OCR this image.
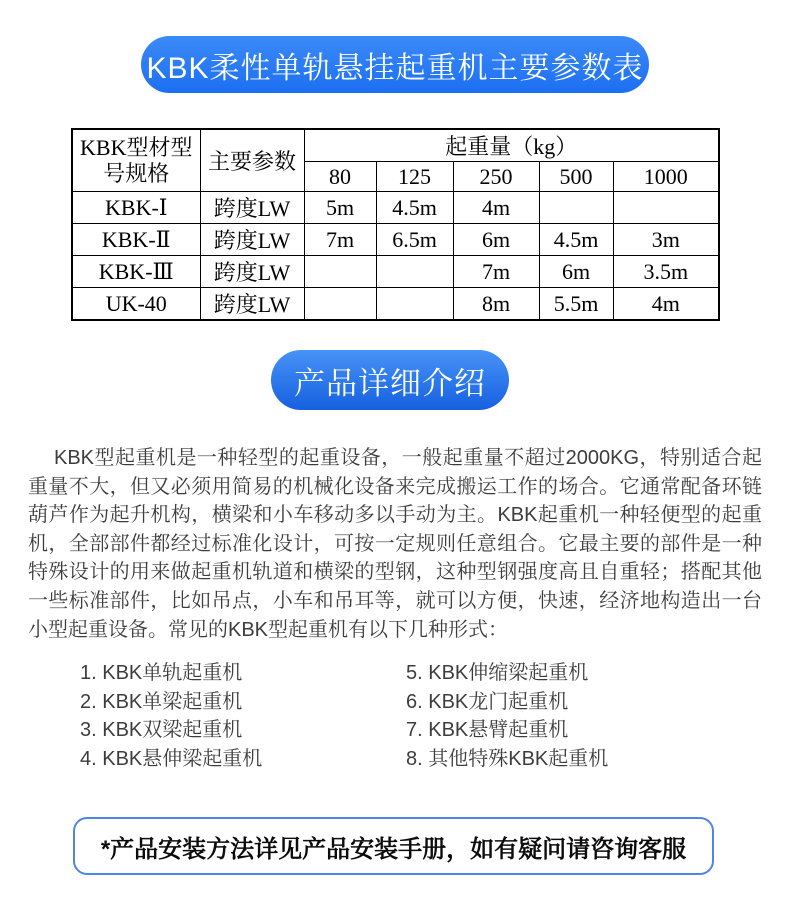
KBK柔性单轨悬挂起重机主要参数表
KBK型材型
号规格	主要参数	起重量（kg）				
		80	125	250	500	1000
KBK-Ⅰ	跨度LW	5m	4.5m	4m		
KBK-Ⅱ	跨度LW	7m	6.5m	6m	4.5m	3m
KBK-Ⅲ	跨度LW			7m	6m	3.5m
UK-40	跨度LW			8m	5.5m	4m
产品详细介绍

KBK型起重机是一种轻型的起重设备，一般起重量不超过2000KG，特别适合起重量不大，但又必须用简易的机械化设备来完成搬运工作的场合。它通常配备环链葫芦作为起升机构，横梁和小车移动多以手动为主。KBK起重机一种轻便型的起重机，全部部件都经过标准化设计，可按一定规则任意组合。它最主要的部件是一种特殊设计的用来做起重机轨道和横梁的型钢，这种型钢强度高且自重轻；搭配其他一些标准部件，比如吊点，小车和吊耳等，就可以方便，快速，经济地构造出一台小型起重设备。常见的KBK型起重机有以下几种形式：

1. KBK单轨起重机
2. KBK单梁起重机
3. KBK双梁起重机
4. KBK悬伸梁起重机
5. KBK伸缩梁起重机
6. KBK龙门起重机
7. KBK悬臂起重机
8. 其他特殊KBK起重机
*产品安装方法详见产品安装手册，如有疑问请咨询客服
